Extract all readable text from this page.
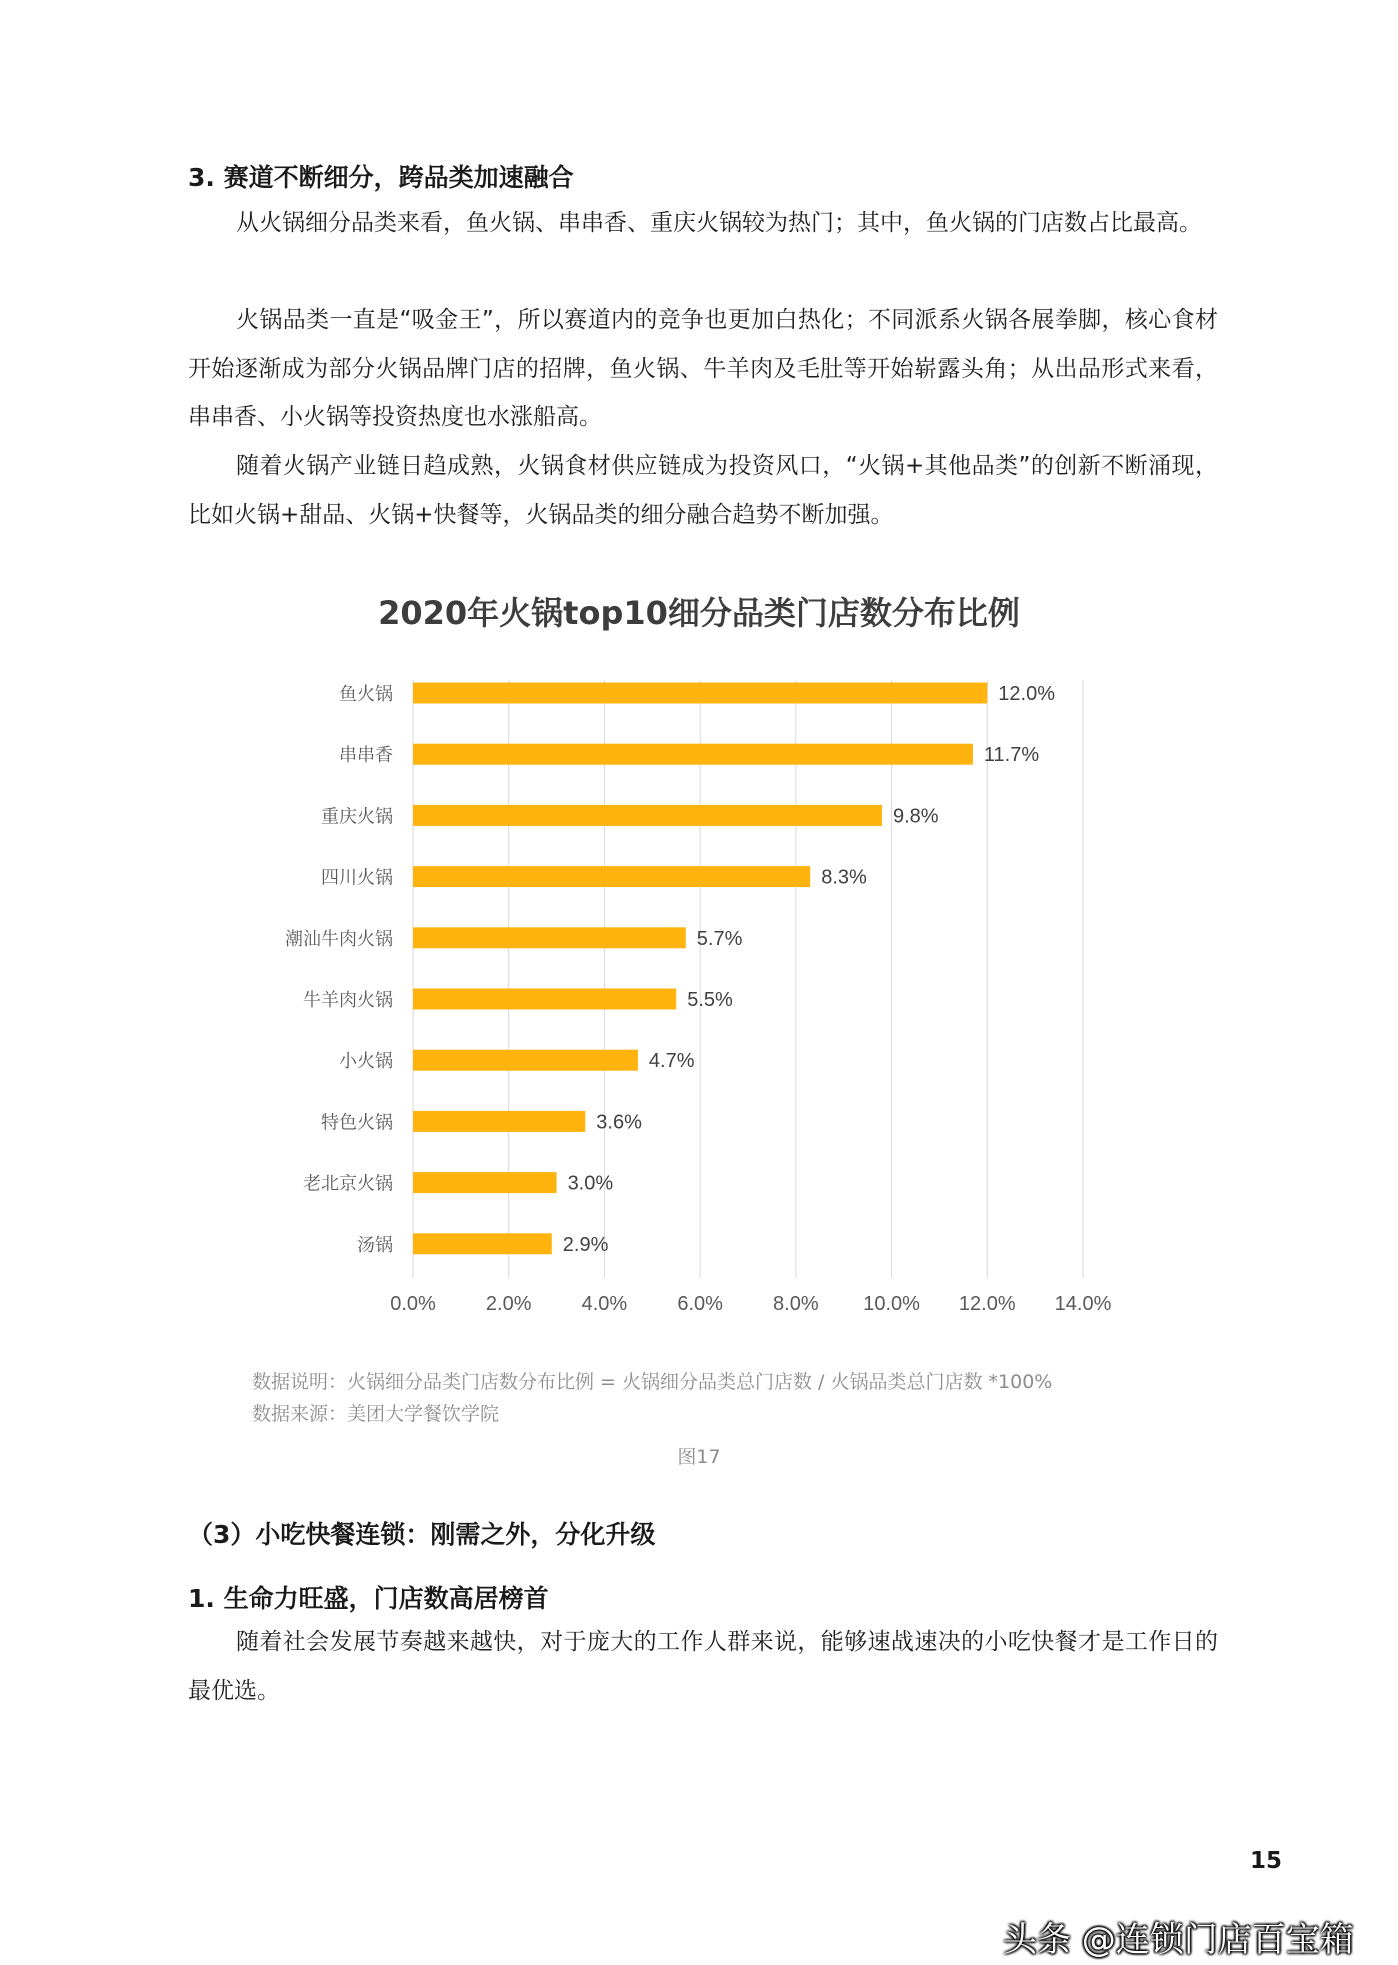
3. 赛道不断细分，跨品类加速融合

从火锅细分品类来看，鱼火锅、串串香、重庆火锅较为热门；其中，鱼火锅的门店数占比最高。

火锅品类一直是“吸金王”，所以赛道内的竞争也更加白热化；不同派系火锅各展拳脚，核心食材开始逐渐成为部分火锅品牌门店的招牌，鱼火锅、牛羊肉及毛肚等开始崭露头角；从出品形式来看，串串香、小火锅等投资热度也水涨船高。

随着火锅产业链日趋成熟，火锅食材供应链成为投资风口，“火锅+其他品类”的创新不断涌现，比如火锅+甜品、火锅+快餐等，火锅品类的细分融合趋势不断加强。

2020年火锅top10细分品类门店数分布比例
0.0%	2.0%	4.0%	6.0%	8.0% 10.0% 12.0% 14.0%
鱼火锅	12.0%
串串香	11.7%
重庆火锅	9.8%
四川火锅	8.3%
潮汕牛肉火锅	5.7%
牛羊肉火锅	5.5%
小火锅	4.7%
特色火锅	3.6%
老北京火锅	3.0%
汤锅	2.9%

数据说明：火锅细分品类门店数分布比例 = 火锅细分品类总门店数 / 火锅品类总门店数 *100%

数据来源：美团大学餐饮学院

图17

（3）小吃快餐连锁：刚需之外，分化升级
1. 生命力旺盛，门店数高居榜首

随着社会发展节奏越来越快，对于庞大的工作人群来说，能够速战速决的小吃快餐才是工作日的最优选。

15
头条 @连锁门店百宝箱
